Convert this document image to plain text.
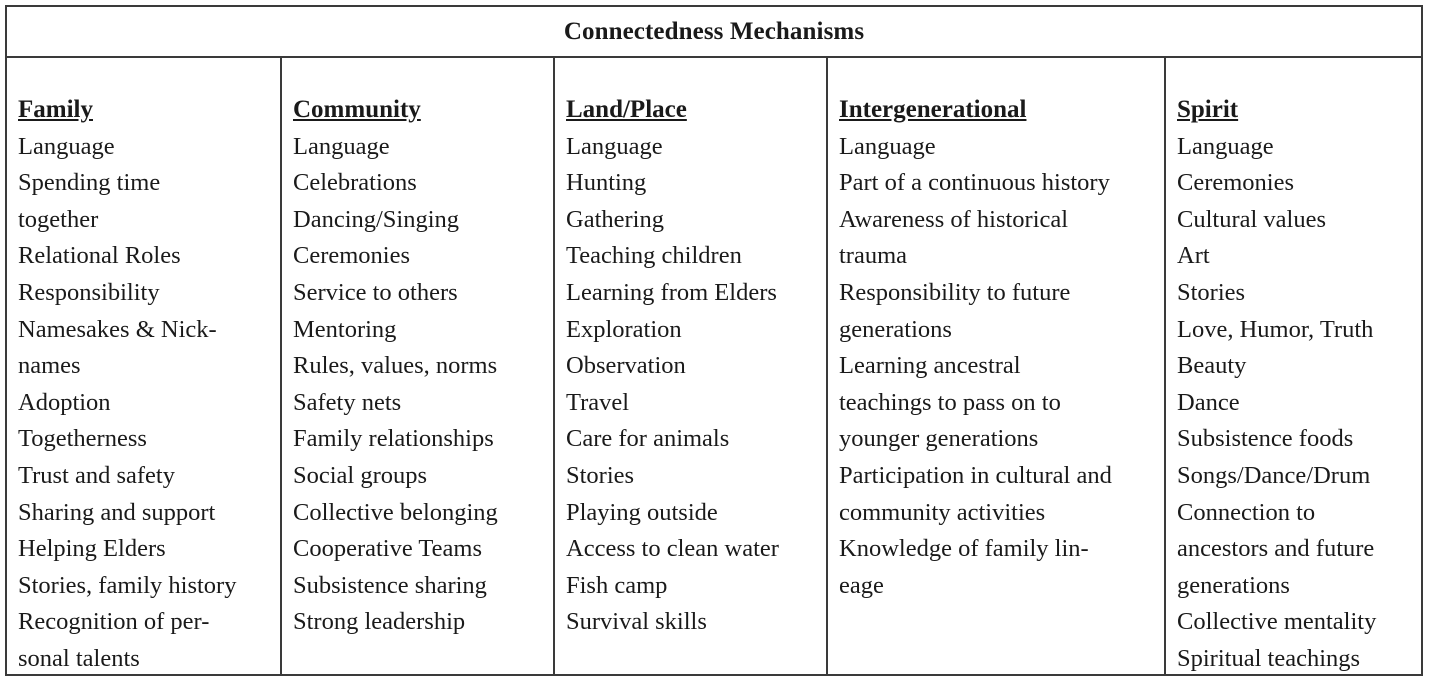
Connectedness Mechanisms
Family
Language
Spending time
together
Relational Roles
Responsibility
Namesakes & Nick-
names
Adoption
Togetherness
Trust and safety
Sharing and support
Helping Elders
Stories, family history
Recognition of per-
sonal talents
Community
Language
Celebrations
Dancing/Singing
Ceremonies
Service to others
Mentoring
Rules, values, norms
Safety nets
Family relationships
Social groups
Collective belonging
Cooperative Teams
Subsistence sharing
Strong leadership
Land/Place
Language
Hunting
Gathering
Teaching children
Learning from Elders
Exploration
Observation
Travel
Care for animals
Stories
Playing outside
Access to clean water
Fish camp
Survival skills
Intergenerational
Language
Part of a continuous history
Awareness of historical
trauma
Responsibility to future
generations
Learning ancestral
teachings to pass on to
younger generations
Participation in cultural and
community activities
Knowledge of family lin-
eage
Spirit
Language
Ceremonies
Cultural values
Art
Stories
Love, Humor, Truth
Beauty
Dance
Subsistence foods
Songs/Dance/Drum
Connection to
ancestors and future
generations
Collective mentality
Spiritual teachings
